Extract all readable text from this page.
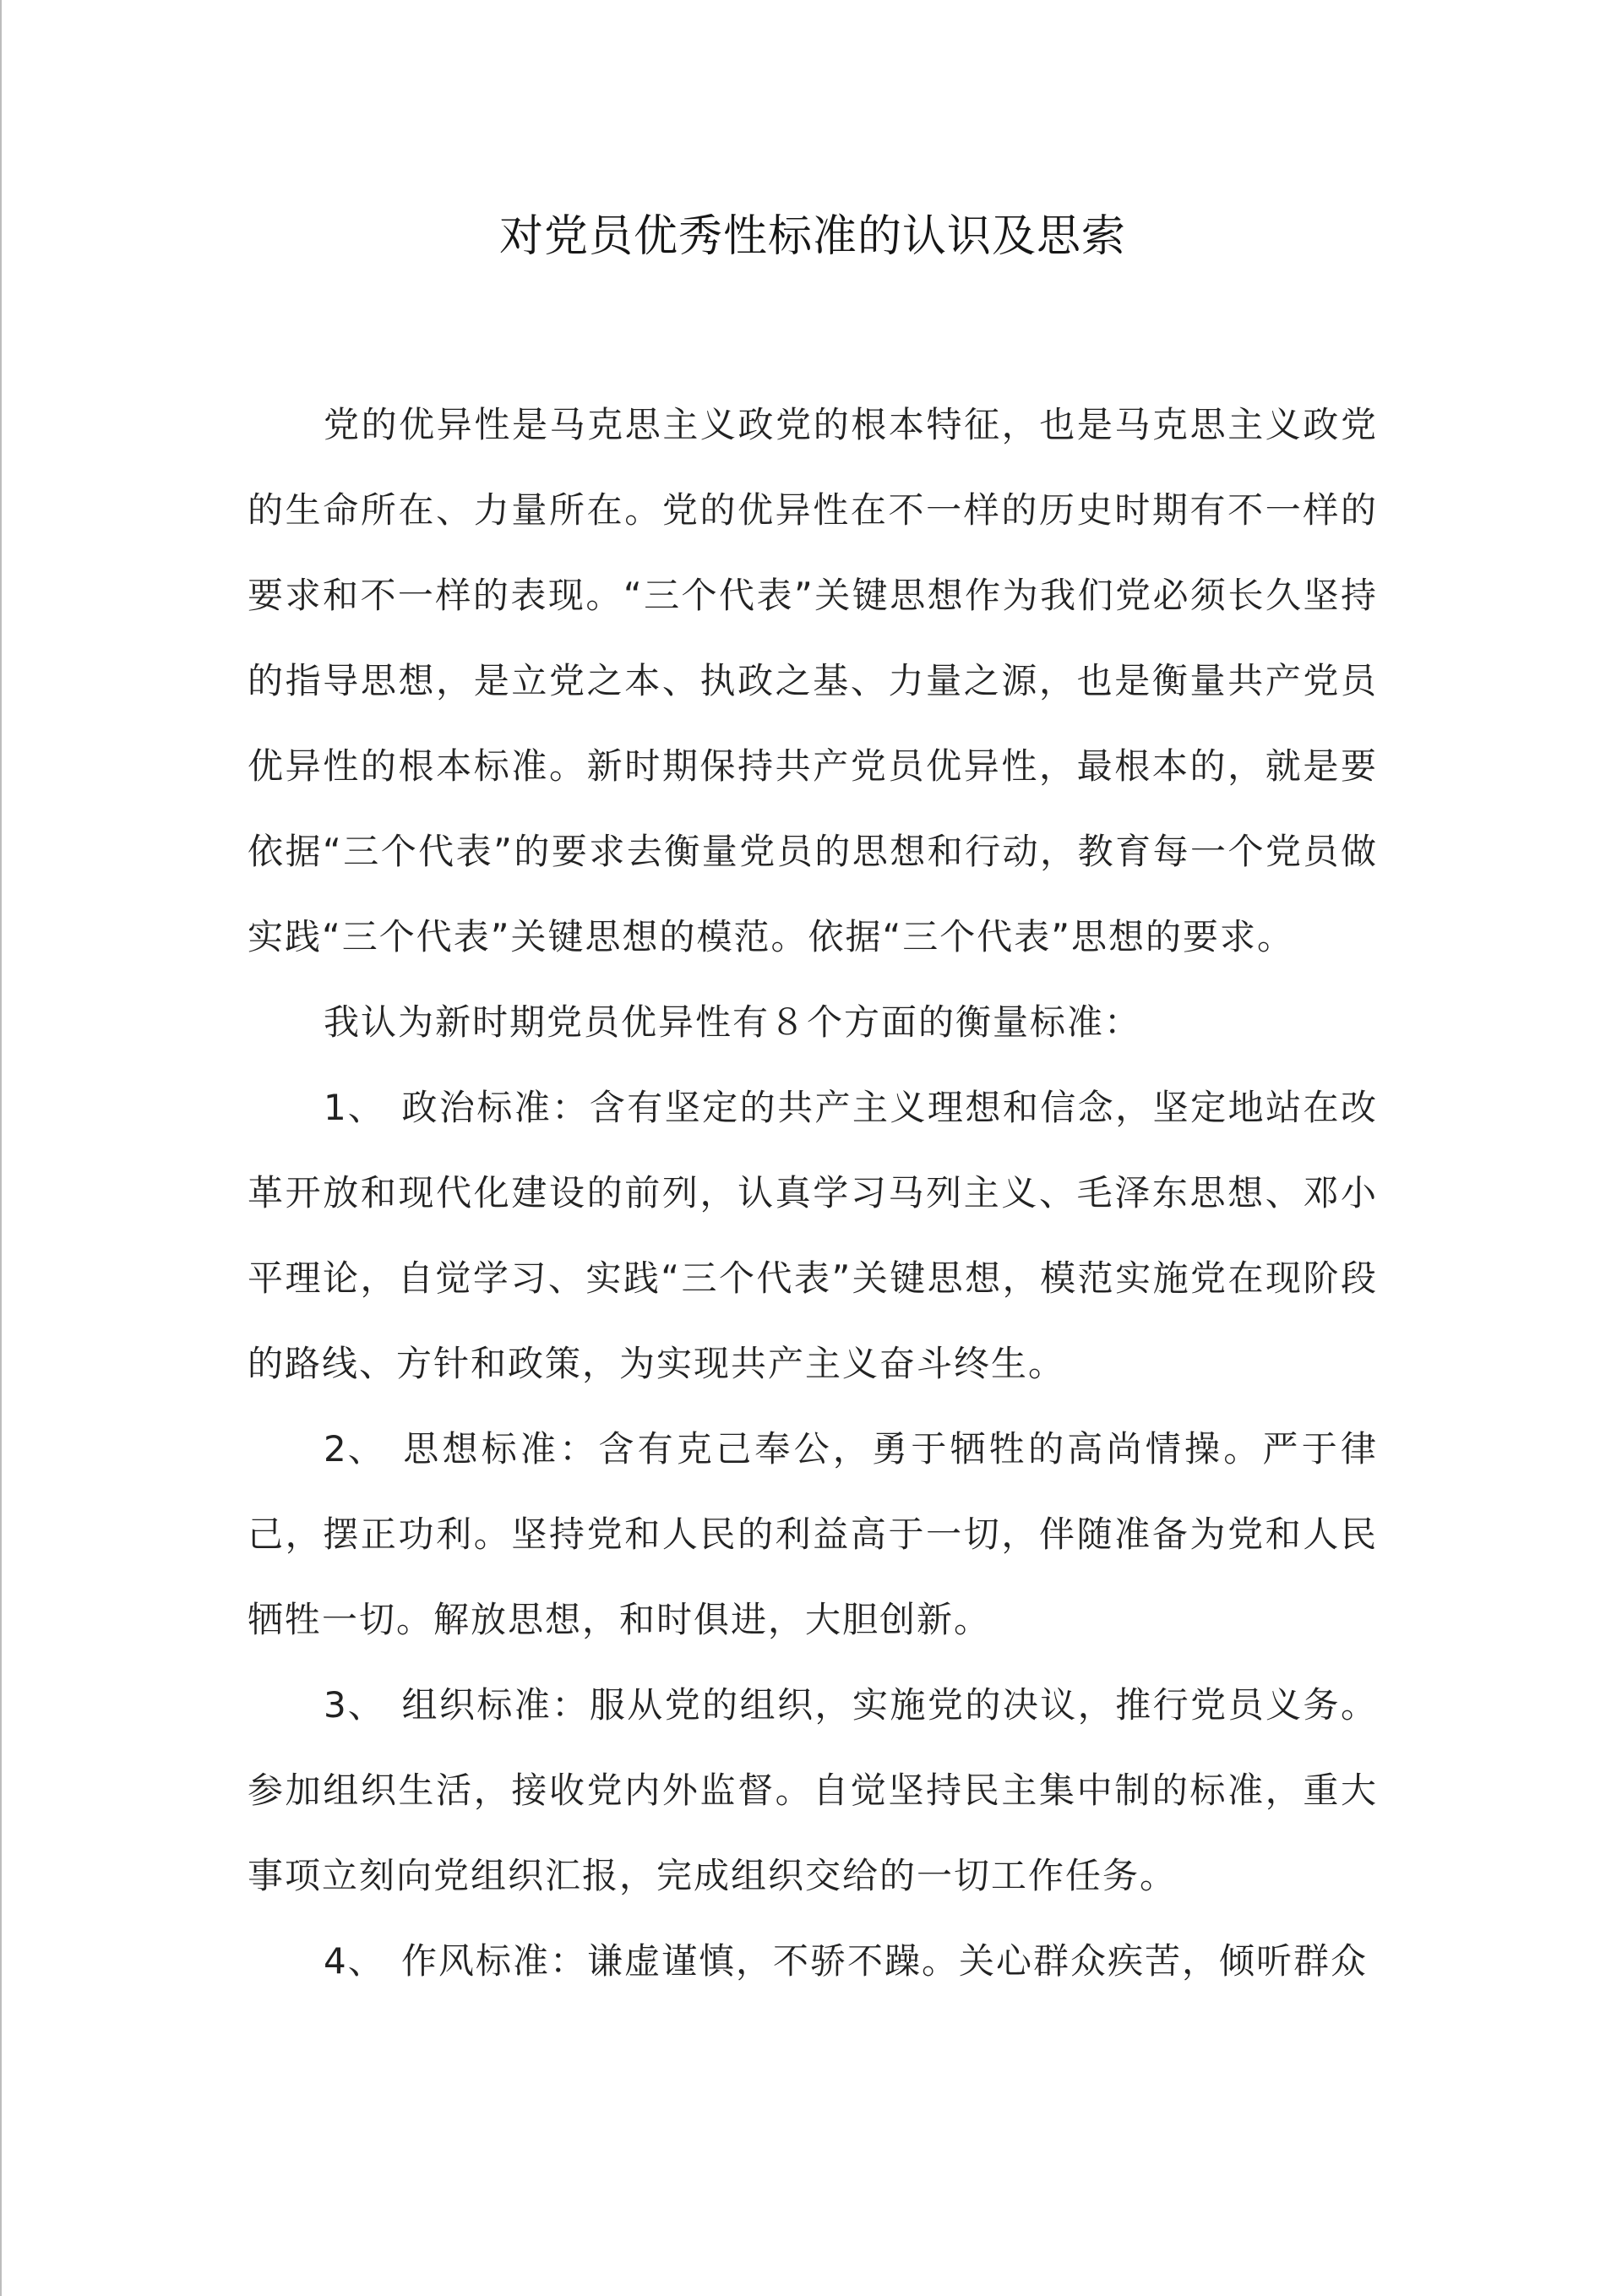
对党员优秀性标准的认识及思索

党的优异性是马克思主义政党的根本特征，也是马克思主义政党的生命所在、力量所在。党的优异性在不一样的历史时期有不一样的要求和不一样的表现。“三个代表”关键思想作为我们党必须长久坚持的指导思想，是立党之本、执政之基、力量之源，也是衡量共产党员优异性的根本标准。新时期保持共产党员优异性，最根本的，就是要依据“三个代表”的要求去衡量党员的思想和行动，教育每一个党员做实践“三个代表”关键思想的模范。依据“三个代表”思想的要求。

我认为新时期党员优异性有８个方面的衡量标准：

1、 政治标准：含有坚定的共产主义理想和信念，坚定地站在改革开放和现代化建设的前列，认真学习马列主义、毛泽东思想、邓小平理论，自觉学习、实践“三个代表”关键思想，模范实施党在现阶段的路线、方针和政策，为实现共产主义奋斗终生。

2、 思想标准：含有克己奉公，勇于牺牲的高尚情操。严于律己，摆正功利。坚持党和人民的利益高于一切，伴随准备为党和人民牺牲一切。解放思想，和时俱进，大胆创新。

3、 组织标准：服从党的组织，实施党的决议，推行党员义务。参加组织生活，接收党内外监督。自觉坚持民主集中制的标准，重大事项立刻向党组织汇报，完成组织交给的一切工作任务。

4、 作风标准：谦虚谨慎，不骄不躁。关心群众疾苦，倾听群众
